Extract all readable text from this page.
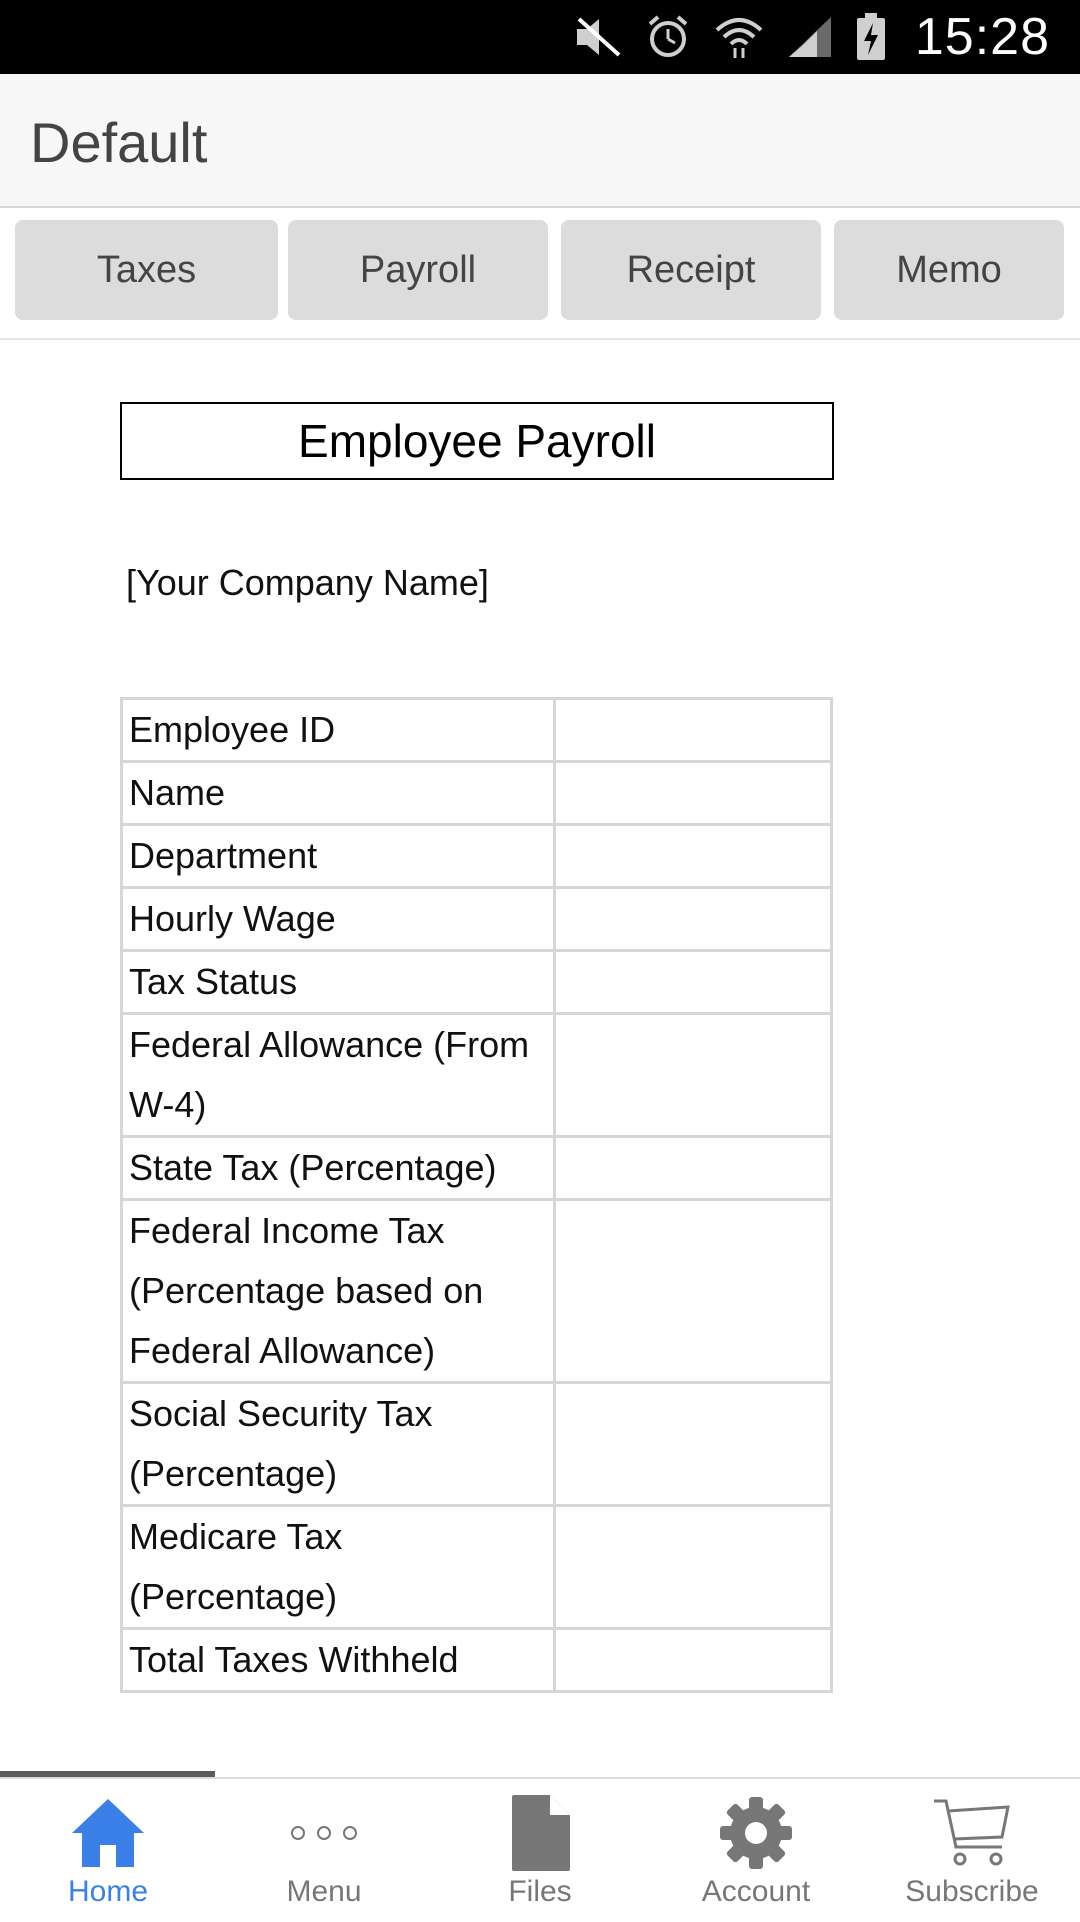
15:28
Default
Taxes	Payroll	Receipt	Memo
Employee Payroll
[Your Company Name]
Employee ID	
Name	
Department	
Hourly Wage	
Tax Status	
Federal Allowance (From W-4)	
State Tax (Percentage)	
Federal Income Tax (Percentage based on Federal Allowance)	
Social Security Tax (Percentage)	
Medicare Tax (Percentage)	
Total Taxes Withheld	
Home	Menu	Files	Account	Subscribe
